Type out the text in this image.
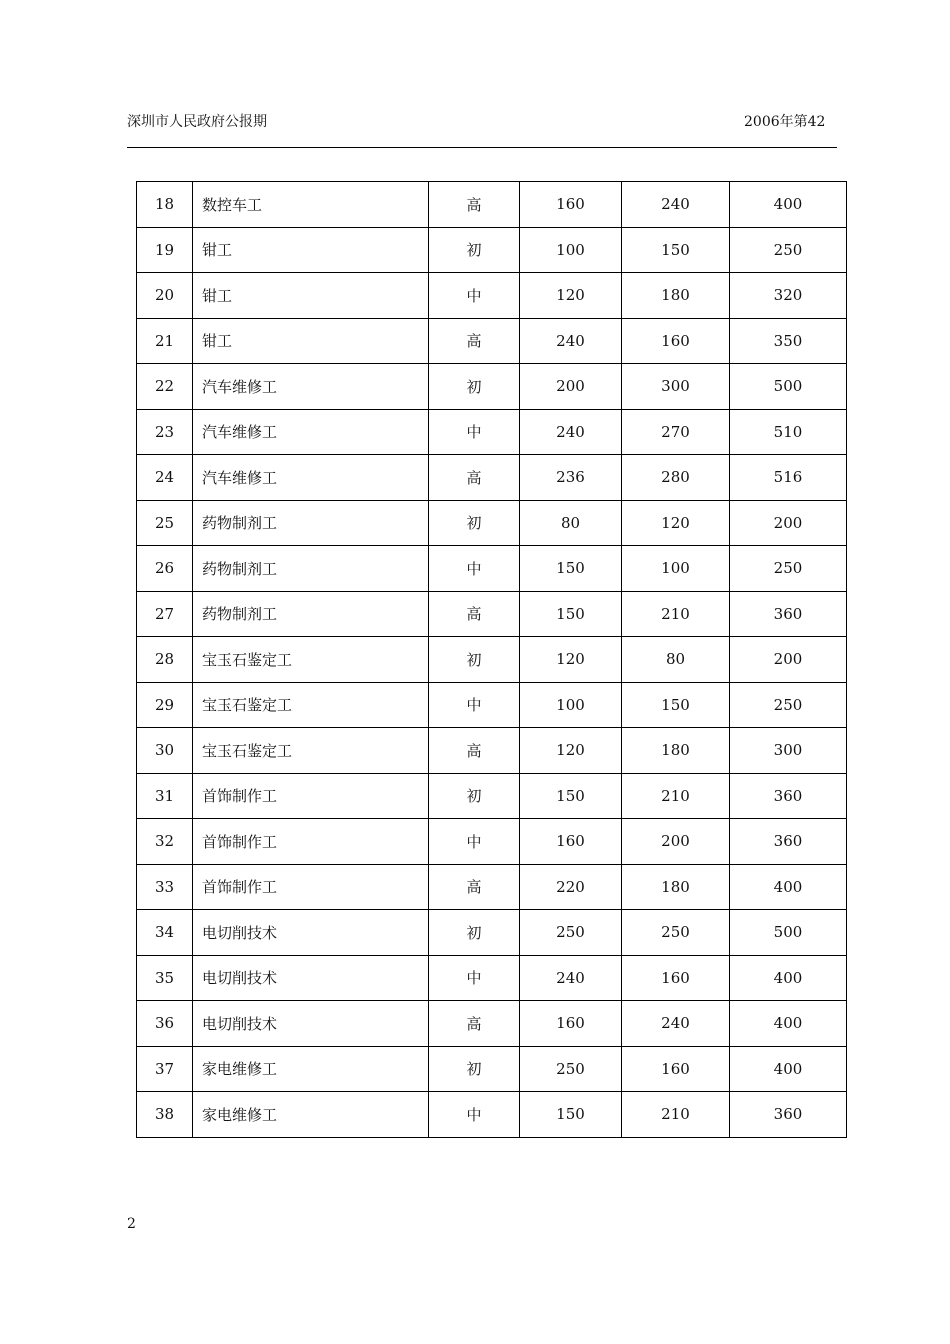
深圳市人民政府公报期	2006年第42
18	数控车工	高	160	240	400
19	钳工	初	100	150	250
20	钳工	中	120	180	320
21	钳工	高	240	160	350
22	汽车维修工	初	200	300	500
23	汽车维修工	中	240	270	510
24	汽车维修工	高	236	280	516
25	药物制剂工	初	80	120	200
26	药物制剂工	中	150	100	250
27	药物制剂工	高	150	210	360
28	宝玉石鉴定工	初	120	80	200
29	宝玉石鉴定工	中	100	150	250
30	宝玉石鉴定工	高	120	180	300
31	首饰制作工	初	150	210	360
32	首饰制作工	中	160	200	360
33	首饰制作工	高	220	180	400
34	电切削技术	初	250	250	500
35	电切削技术	中	240	160	400
36	电切削技术	高	160	240	400
37	家电维修工	初	250	160	400
38	家电维修工	中	150	210	360
2
